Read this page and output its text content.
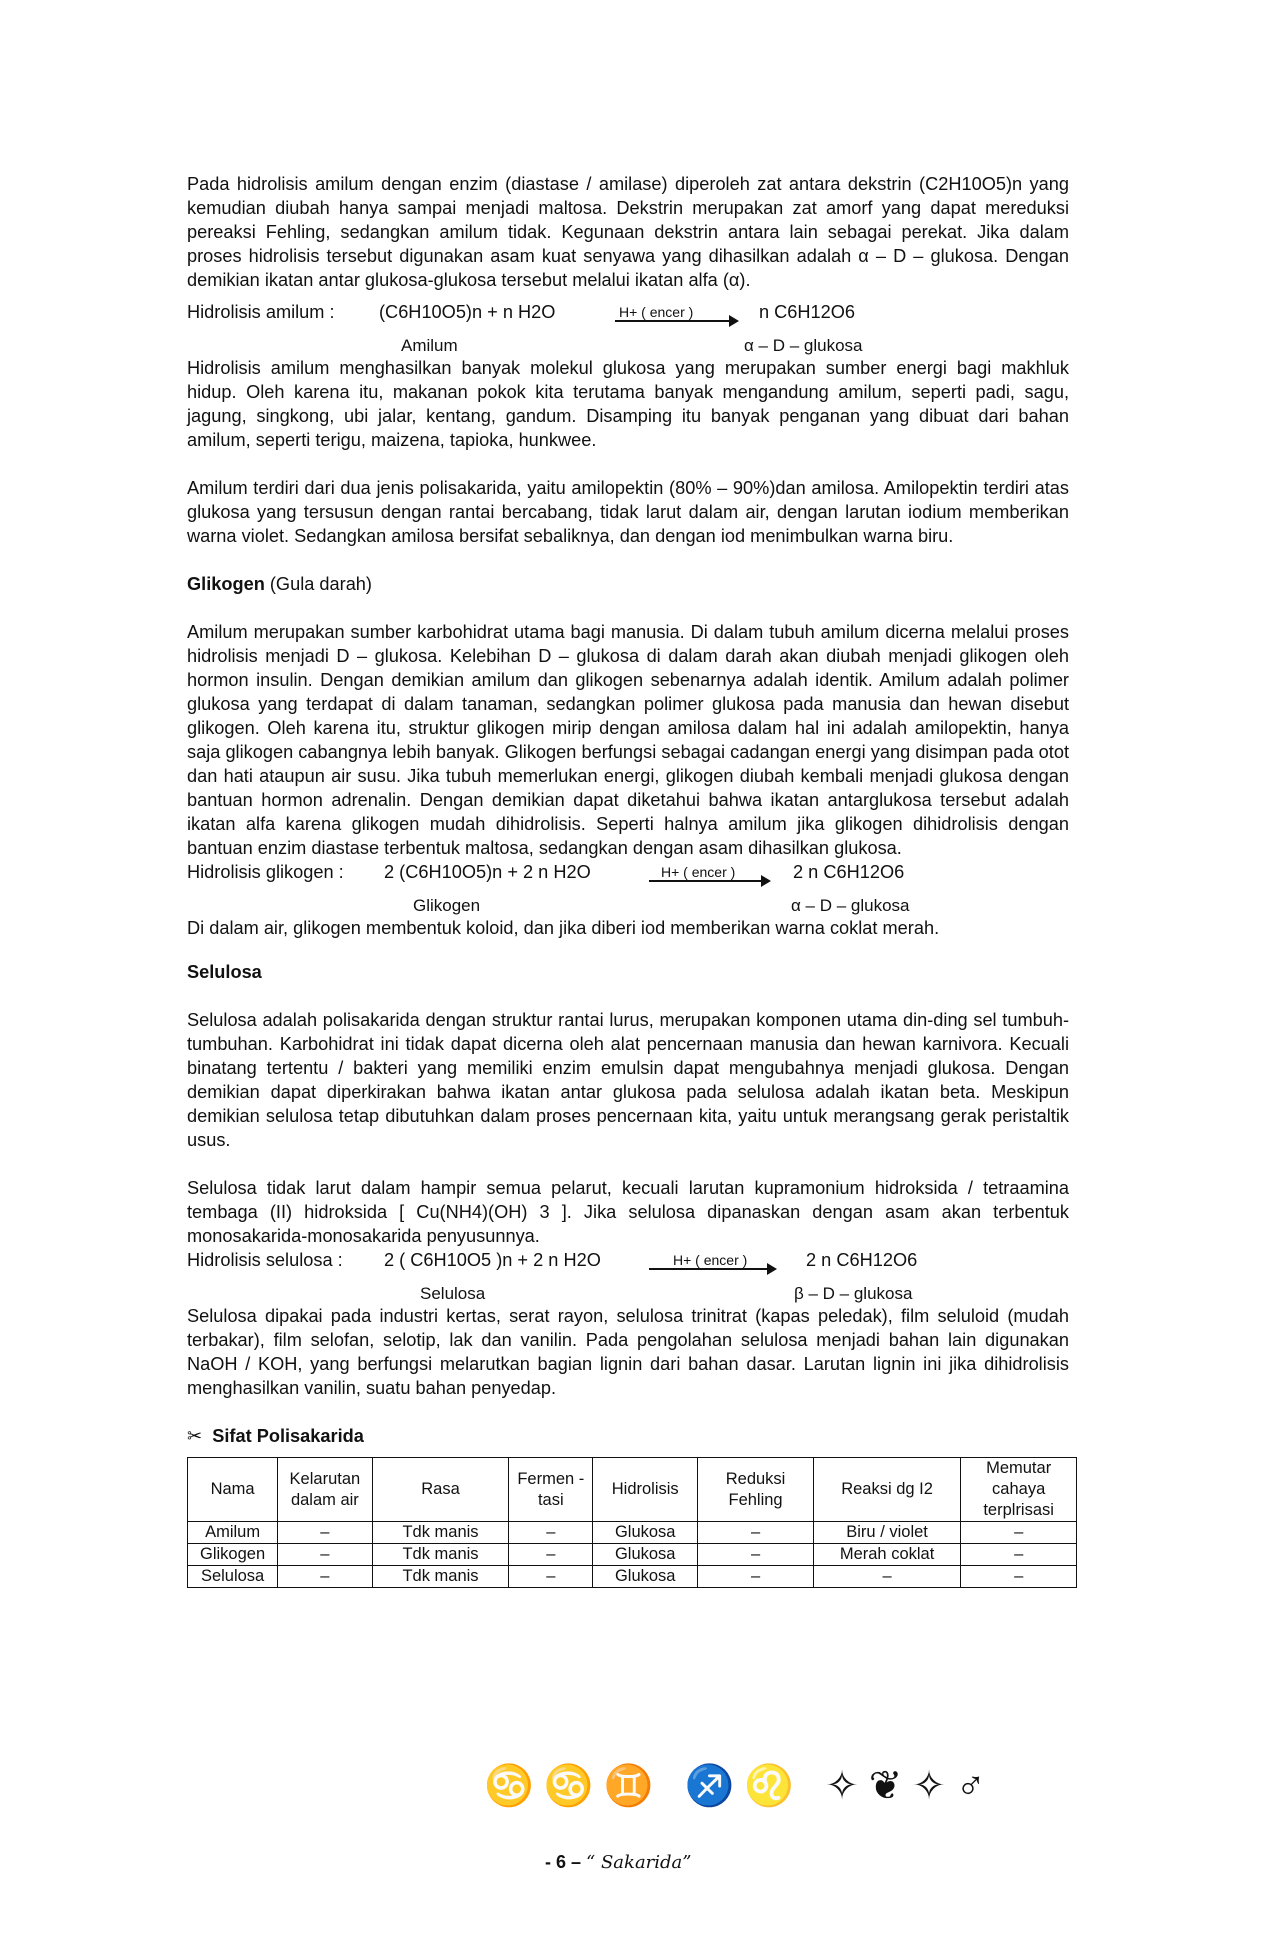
Pada hidrolisis amilum dengan enzim (diastase / amilase) diperoleh zat antara dekstrin (C2H10O5)n yang kemudian diubah hanya sampai menjadi maltosa. Dekstrin merupakan zat amorf yang dapat mereduksi pereaksi Fehling, sedangkan amilum tidak. Kegunaan dekstrin antara lain sebagai perekat. Jika dalam proses hidrolisis tersebut digunakan asam kuat senyawa yang dihasilkan adalah α – D – glukosa. Dengan demikian ikatan antar glukosa-glukosa tersebut melalui ikatan alfa (α).

Hidrolisis amilum : (C6H10O5)n + n H2O	H+ ( encer )	n C6H12O6
Amilum	α – D – glukosa

Hidrolisis amilum menghasilkan banyak molekul glukosa yang merupakan sumber energi bagi makhluk hidup. Oleh karena itu, makanan pokok kita terutama banyak mengandung amilum, seperti padi, sagu, jagung, singkong, ubi jalar, kentang, gandum. Disamping itu banyak penganan yang dibuat dari bahan amilum, seperti terigu, maizena, tapioka, hunkwee.

Amilum terdiri dari dua jenis polisakarida, yaitu amilopektin (80% – 90%)dan amilosa. Amilopektin terdiri atas glukosa yang tersusun dengan rantai bercabang, tidak larut dalam air, dengan larutan iodium memberikan warna violet. Sedangkan amilosa bersifat sebaliknya, dan dengan iod menimbulkan warna biru.

Glikogen (Gula darah)

Amilum merupakan sumber karbohidrat utama bagi manusia. Di dalam tubuh amilum dicerna melalui proses hidrolisis menjadi D – glukosa. Kelebihan D – glukosa di dalam darah akan diubah menjadi glikogen oleh hormon insulin. Dengan demikian amilum dan glikogen sebenarnya adalah identik. Amilum adalah polimer glukosa yang terdapat di dalam tanaman, sedangkan polimer glukosa pada manusia dan hewan disebut glikogen. Oleh karena itu, struktur glikogen mirip dengan amilosa dalam hal ini adalah amilopektin, hanya saja glikogen cabangnya lebih banyak. Glikogen berfungsi sebagai cadangan energi yang disimpan pada otot dan hati ataupun air susu. Jika tubuh memerlukan energi, glikogen diubah kembali menjadi glukosa dengan bantuan hormon adrenalin. Dengan demikian dapat diketahui bahwa ikatan antarglukosa tersebut adalah ikatan alfa karena glikogen mudah dihidrolisis. Seperti halnya amilum jika glikogen dihidrolisis dengan bantuan enzim diastase terbentuk maltosa, sedangkan dengan asam dihasilkan glukosa.

Hidrolisis glikogen : 2 (C6H10O5)n + 2 n H2O	H+ ( encer )	2 n C6H12O6
Glikogen	α – D – glukosa

Di dalam air, glikogen membentuk koloid, dan jika diberi iod memberikan warna coklat merah.

Selulosa

Selulosa adalah polisakarida dengan struktur rantai lurus, merupakan komponen utama din-ding sel tumbuh-tumbuhan. Karbohidrat ini tidak dapat dicerna oleh alat pencernaan manusia dan hewan karnivora. Kecuali binatang tertentu / bakteri yang memiliki enzim emulsin dapat mengubahnya menjadi glukosa. Dengan demikian dapat diperkirakan bahwa ikatan antar glukosa pada selulosa adalah ikatan beta. Meskipun demikian selulosa tetap dibutuhkan dalam proses pencernaan kita, yaitu untuk merangsang gerak peristaltik usus.

Selulosa tidak larut dalam hampir semua pelarut, kecuali larutan kupramonium hidroksida / tetraamina tembaga (II) hidroksida [ Cu(NH4)(OH) 3 ]. Jika selulosa dipanaskan dengan asam akan terbentuk monosakarida-monosakarida penyusunnya.

Hidrolisis selulosa : 2 ( C6H10O5 )n + 2 n H2O	H+ ( encer )	2 n C6H12O6
Selulosa	β – D – glukosa

Selulosa dipakai pada industri kertas, serat rayon, selulosa trinitrat (kapas peledak), film seluloid (mudah terbakar), film selofan, selotip, lak dan vanilin. Pada pengolahan selulosa menjadi bahan lain digunakan NaOH / KOH, yang berfungsi melarutkan bagian lignin dari bahan dasar. Larutan lignin ini jika dihidrolisis menghasilkan vanilin, suatu bahan penyedap.

✂ Sifat Polisakarida
Nama	Kelarutan dalam air	Rasa	Fermen -tasi	Hidrolisis	Reduksi Fehling	Reaksi dg I2	Memutar cahaya terplrisasi
Amilum	–	Tdk manis	–	Glukosa	–	Biru / violet	–
Glikogen	–	Tdk manis	–	Glukosa	–	Merah coklat	–
Selulosa	–	Tdk manis	–	Glukosa	–	–	–
♋♋♊ ♐♌ ✧❦✧♂
- 6 – “ Sakarida”
